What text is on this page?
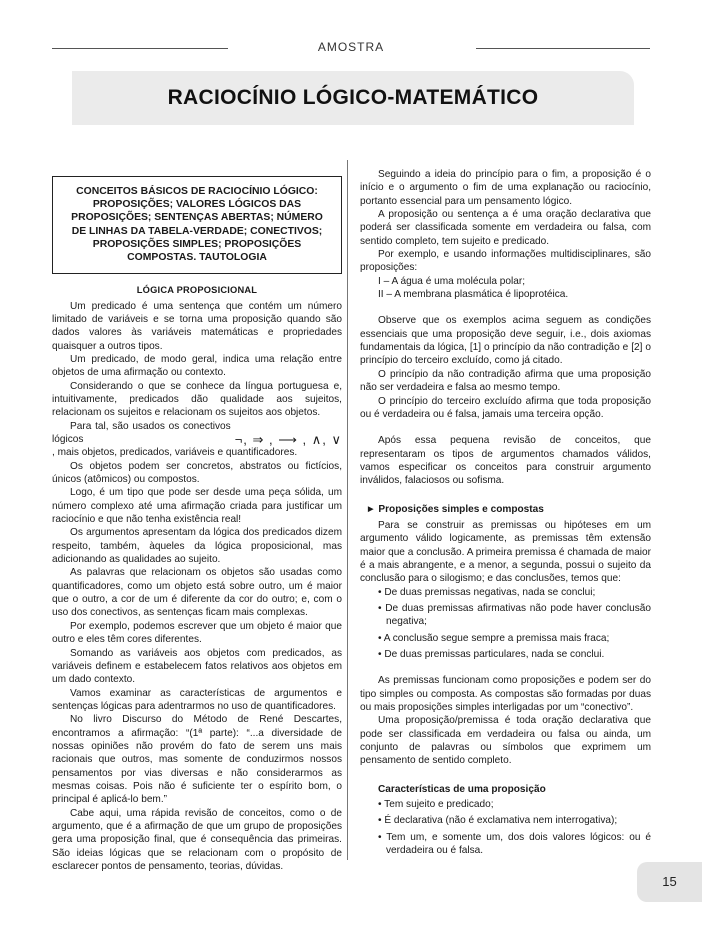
AMOSTRA
RACIOCÍNIO LÓGICO-MATEMÁTICO
CONCEITOS BÁSICOS DE RACIOCÍNIO LÓGICO: PROPOSIÇÕES; VALORES LÓGICOS DAS PROPOSIÇÕES; SENTENÇAS ABERTAS; NÚMERO DE LINHAS DA TABELA-VERDADE; CONECTIVOS; PROPOSIÇÕES SIMPLES; PROPOSIÇÕES COMPOSTAS. TAUTOLOGIA
LÓGICA PROPOSICIONAL
Um predicado é uma sentença que contém um número limitado de variáveis e se torna uma proposição quando são dados valores às variáveis matemáticas e propriedades quaisquer a outros tipos.
Um predicado, de modo geral, indica uma relação entre objetos de uma afirmação ou contexto.
Considerando o que se conhece da língua portuguesa e, intuitivamente, predicados dão qualidade aos sujeitos, relacionam os sujeitos e relacionam os sujeitos aos objetos.
Para tal, são usados os conectivos lógicos	¬, ⇒ , ⟶ , ∧, ∨
, mais objetos, predicados, variáveis e quantificadores.
Os objetos podem ser concretos, abstratos ou fictícios, únicos (atômicos) ou compostos.
Logo, é um tipo que pode ser desde uma peça sólida, um número complexo até uma afirmação criada para justificar um raciocínio e que não tenha existência real!
Os argumentos apresentam da lógica dos predicados dizem respeito, também, àqueles da lógica proposicional, mas adicionando as qualidades ao sujeito.
As palavras que relacionam os objetos são usadas como quantificadores, como um objeto está sobre outro, um é maior que o outro, a cor de um é diferente da cor do outro; e, com o uso dos conectivos, as sentenças ficam mais complexas.
Por exemplo, podemos escrever que um objeto é maior que outro e eles têm cores diferentes.
Somando as variáveis aos objetos com predicados, as variáveis definem e estabelecem fatos relativos aos objetos em um dado contexto.
Vamos examinar as características de argumentos e sentenças lógicas para adentrarmos no uso de quantificadores.
No livro Discurso do Método de René Descartes, encontramos a afirmação: “(1ª parte): “...a diversidade de nossas opiniões não provém do fato de serem uns mais racionais que outros, mas somente de conduzirmos nossos pensamentos por vias diversas e não considerarmos as mesmas coisas. Pois não é suficiente ter o espírito bom, o principal é aplicá-lo bem.”
Cabe aqui, uma rápida revisão de conceitos, como o de argumento, que é a afirmação de que um grupo de proposições gera uma proposição final, que é consequência das primeiras. São ideias lógicas que se relacionam com o propósito de esclarecer pontos de pensamento, teorias, dúvidas.
Seguindo a ideia do princípio para o fim, a proposição é o início e o argumento o fim de uma explanação ou raciocínio, portanto essencial para um pensamento lógico.
A proposição ou sentença a é uma oração declarativa que poderá ser classificada somente em verdadeira ou falsa, com sentido completo, tem sujeito e predicado.
Por exemplo, e usando informações multidisciplinares, são proposições:
I – A água é uma molécula polar;
II – A membrana plasmática é lipoprotéica.
Observe que os exemplos acima seguem as condições essenciais que uma proposição deve seguir, i.e., dois axiomas fundamentais da lógica, [1] o princípio da não contradição e [2] o princípio do terceiro excluído, como já citado.
O princípio da não contradição afirma que uma proposição não ser verdadeira e falsa ao mesmo tempo.
O princípio do terceiro excluído afirma que toda proposição ou é verdadeira ou é falsa, jamais uma terceira opção.
Após essa pequena revisão de conceitos, que representaram os tipos de argumentos chamados válidos, vamos especificar os conceitos para construir argumento inválidos, falaciosos ou sofisma.
▶ Proposições simples e compostas
Para se construir as premissas ou hipóteses em um argumento válido logicamente, as premissas têm extensão maior que a conclusão. A primeira premissa é chamada de maior é a mais abrangente, e a menor, a segunda, possui o sujeito da conclusão para o silogismo; e das conclusões, temos que:
• De duas premissas negativas, nada se conclui;
• De duas premissas afirmativas não pode haver conclusão negativa;
• A conclusão segue sempre a premissa mais fraca;
• De duas premissas particulares, nada se conclui.
As premissas funcionam como proposições e podem ser do tipo simples ou composta. As compostas são formadas por duas ou mais proposições simples interligadas por um “conectivo”.
Uma proposição/premissa é toda oração declarativa que pode ser classificada em verdadeira ou falsa ou ainda, um conjunto de palavras ou símbolos que exprimem um pensamento de sentido completo.
Características de uma proposição
• Tem sujeito e predicado;
• É declarativa (não é exclamativa nem interrogativa);
• Tem um, e somente um, dos dois valores lógicos: ou é verdadeira ou é falsa.
15
